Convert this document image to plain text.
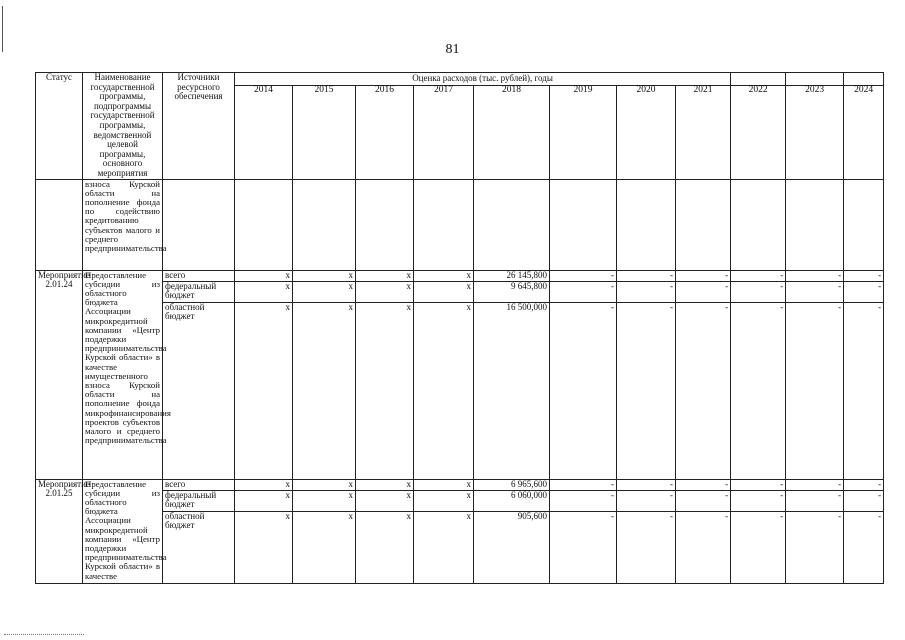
81
Статус	Наименование государственной программы, подпрограммы государственной программы, ведомственной целевой программы, основного мероприятия	Источники ресурсного обеспечения	Оценка расходов (тыс. рублей), годы										
			2014	2015	2016	2017	2018	2019	2020	2021	2022	2023	2024
	взноса Курской области на пополнение фонда по содействию кредитованию субъектов малого и среднего предпринимательства												
Мероприятие 2.01.24	Предоставление субсидии из областного бюджета Ассоциации микрокредитной компании «Центр поддержки предпринимательства Курской области» в качестве имущественного взноса Курской области на пополнение фонда микрофинансирования проектов субъектов малого и среднего предпринимательства	всего	х	х	х	х	26 145,800	-	-	-	-	-	-
		федеральный бюджет	х	х	х	х	9 645,800	-	-	-	-	-	-
		областной бюджет	х	х	х	х	16 500,000	-	-	-	-	-	-
Мероприятие 2.01.25	Предоставление субсидии из областного бюджета Ассоциации микрокредитной компании «Центр поддержки предпринимательства Курской области» в качестве	всего	х	х	х	х	6 965,600	-	-	-	-	-	-
		федеральный бюджет	х	х	х	х	6 060,000	-	-	-	-	-	-
		областной бюджет	х	х	х	х	905,600	-	-	-	-	-	-
